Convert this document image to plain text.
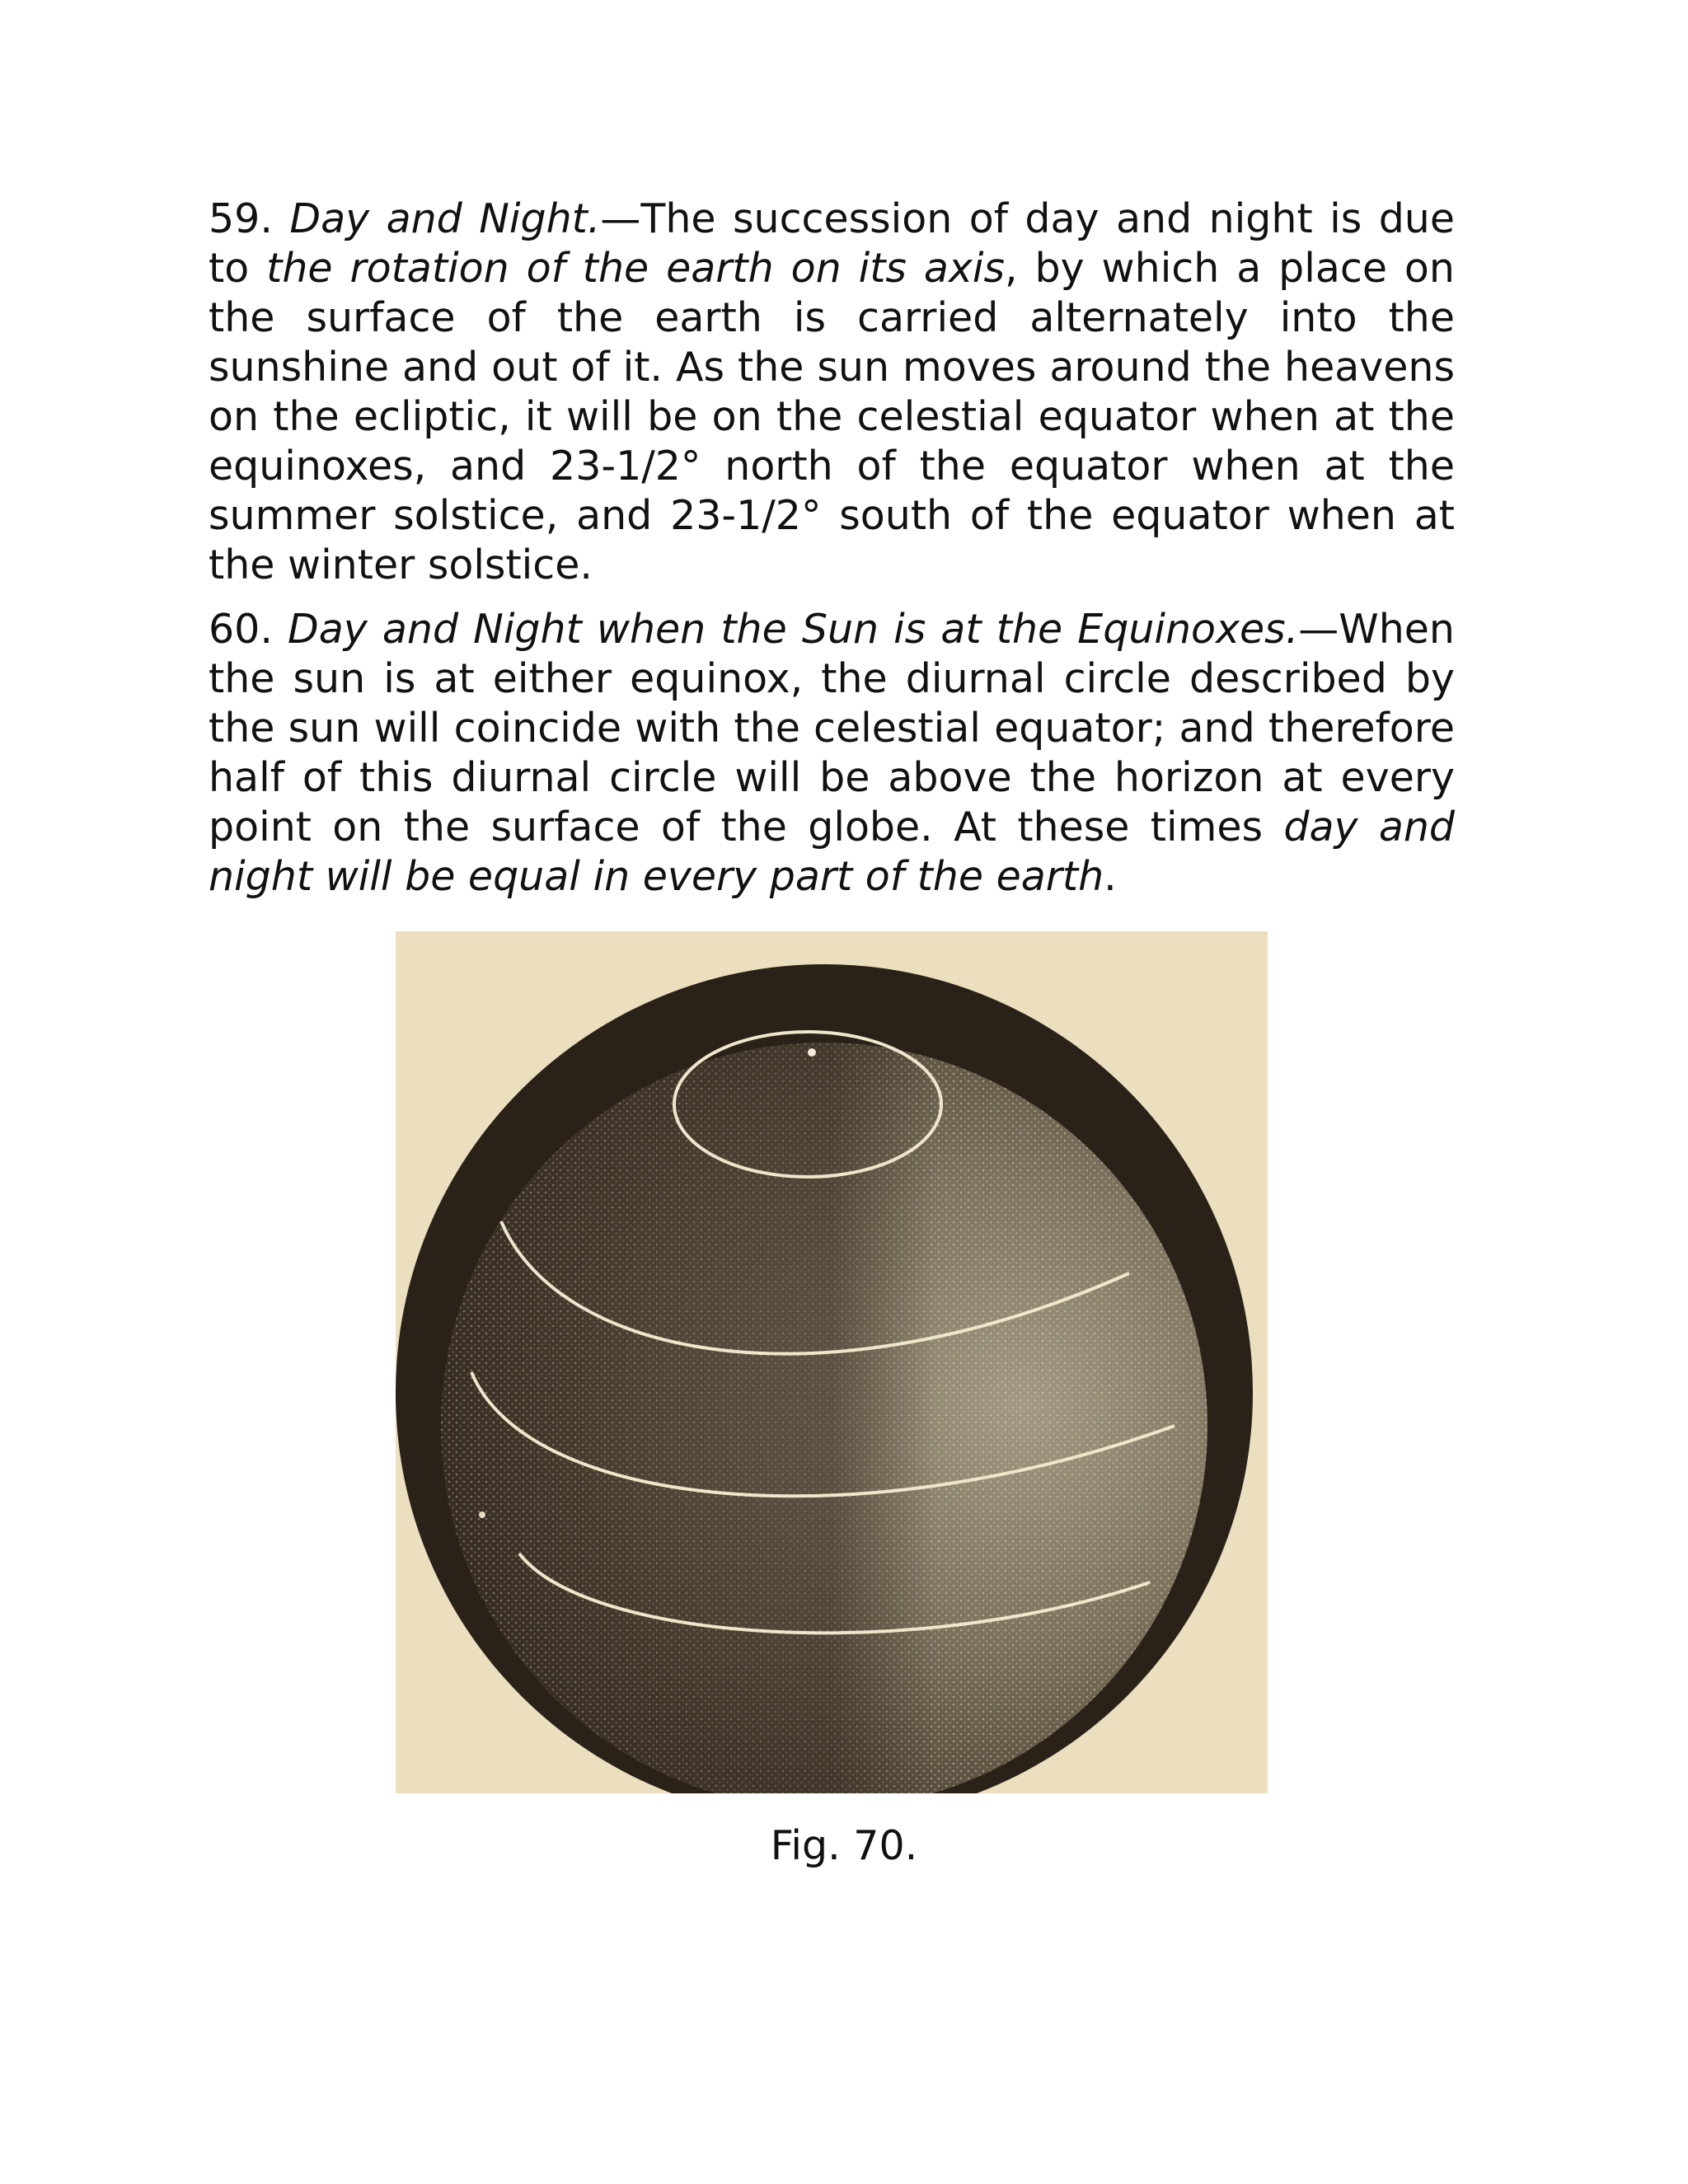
59. Day and Night.—The succession of day and night is due to the rotation of the earth on its axis, by which a place on the surface of the earth is carried alternately into the sunshine and out of it. As the sun moves around the heavens on the ecliptic, it will be on the celestial equator when at the equinoxes, and 23-1/2° north of the equator when at the summer solstice, and 23-1/2° south of the equator when at the winter solstice.

60. Day and Night when the Sun is at the Equinoxes.—When the sun is at either equinox, the diurnal circle described by the sun will coincide with the celestial equator; and therefore half of this diurnal circle will be above the horizon at every point on the surface of the globe. At these times day and night will be equal in every part of the earth.

Fig. 70.
